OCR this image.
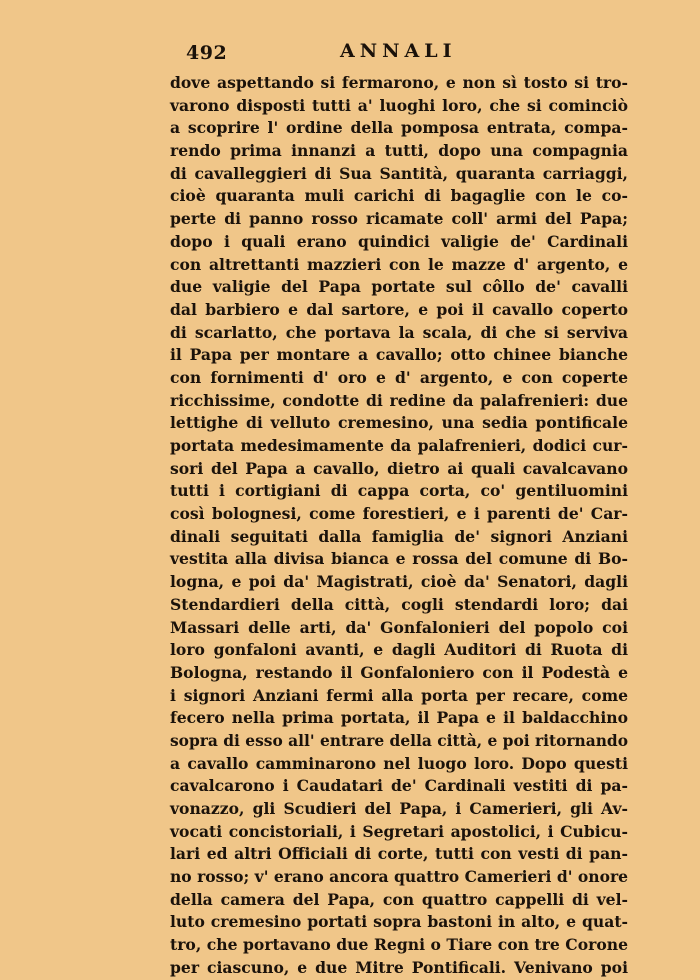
492	ANNALI
dove aspettando si fermarono, e non sì tosto si tro-
varono disposti tutti a' luoghi loro, che si cominciò
a scoprire l' ordine della pomposa entrata, compa-
rendo prima innanzi a tutti, dopo una compagnia
di cavalleggieri di Sua Santità, quaranta carriaggi,
cioè quaranta muli carichi di bagaglie con le co-
perte di panno rosso ricamate coll' armi del Papa;
dopo i quali erano quindici valigie de' Cardinali
con altrettanti mazzieri con le mazze d' argento, e
due valigie del Papa portate sul côllo de' cavalli
dal barbiero e dal sartore, e poi il cavallo coperto
di scarlatto, che portava la scala, di che si serviva
il Papa per montare a cavallo; otto chinee bianche
con fornimenti d' oro e d' argento, e con coperte
ricchissime, condotte di redine da palafrenieri: due
lettighe di velluto cremesino, una sedia pontificale
portata medesimamente da palafrenieri, dodici cur-
sori del Papa a cavallo, dietro ai quali cavalcavano
tutti i cortigiani di cappa corta, co' gentiluomini
così bolognesi, come forestieri, e i parenti de' Car-
dinali seguitati dalla famiglia de' signori Anziani
vestita alla divisa bianca e rossa del comune di Bo-
logna, e poi da' Magistrati, cioè da' Senatori, dagli
Stendardieri della città, cogli stendardi loro; dai
Massari delle arti, da' Gonfalonieri del popolo coi
loro gonfaloni avanti, e dagli Auditori di Ruota di
Bologna, restando il Gonfaloniero con il Podestà e
i signori Anziani fermi alla porta per recare, come
fecero nella prima portata, il Papa e il baldacchino
sopra di esso all' entrare della città, e poi ritornando
a cavallo camminarono nel luogo loro. Dopo questi
cavalcarono i Caudatari de' Cardinali vestiti di pa-
vonazzo, gli Scudieri del Papa, i Camerieri, gli Av-
vocati concistoriali, i Segretari apostolici, i Cubicu-
lari ed altri Officiali di corte, tutti con vesti di pan-
no rosso; v' erano ancora quattro Camerieri d' onore
della camera del Papa, con quattro cappelli di vel-
luto cremesino portati sopra bastoni in alto, e quat-
tro, che portavano due Regni o Tiare con tre Corone
per ciascuno, e due Mitre Pontificali. Venivano poi
